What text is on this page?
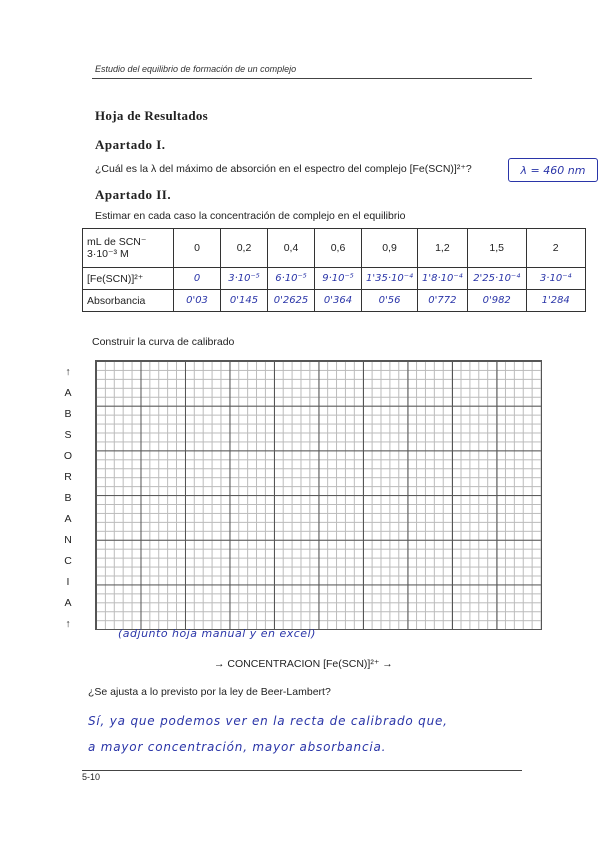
Estudio del equilibrio de formación de un complejo
Hoja de Resultados
Apartado I.
¿Cuál es la λ del máximo de absorción en el espectro del complejo [Fe(SCN)]²⁺?	λ = 460 nm
Apartado II.
Estimar en cada caso la concentración de complejo en el equilibrio
mL de SCN⁻ 3·10⁻³ M	0	0,2	0,4	0,6	0,9	1,2	1,5	2
[Fe(SCN)]²⁺	0	3·10⁻⁵	6·10⁻⁵	9·10⁻⁵	1'35·10⁻⁴	1'8·10⁻⁴	2'25·10⁻⁴	3·10⁻⁴
Absorbancia	0'03	0'145	0'2625	0'364	0'56	0'772	0'982	1'284
Construir la curva de calibrado
↑
A
B
S
O
R
B
A
N
C
I
A
↑
(adjunto hoja manual y en excel)
→ CONCENTRACION [Fe(SCN)]²⁺ →
¿Se ajusta a lo previsto por la ley de Beer-Lambert?
Sí, ya que podemos ver en la recta de calibrado que,
a mayor concentración, mayor absorbancia.
5-10
